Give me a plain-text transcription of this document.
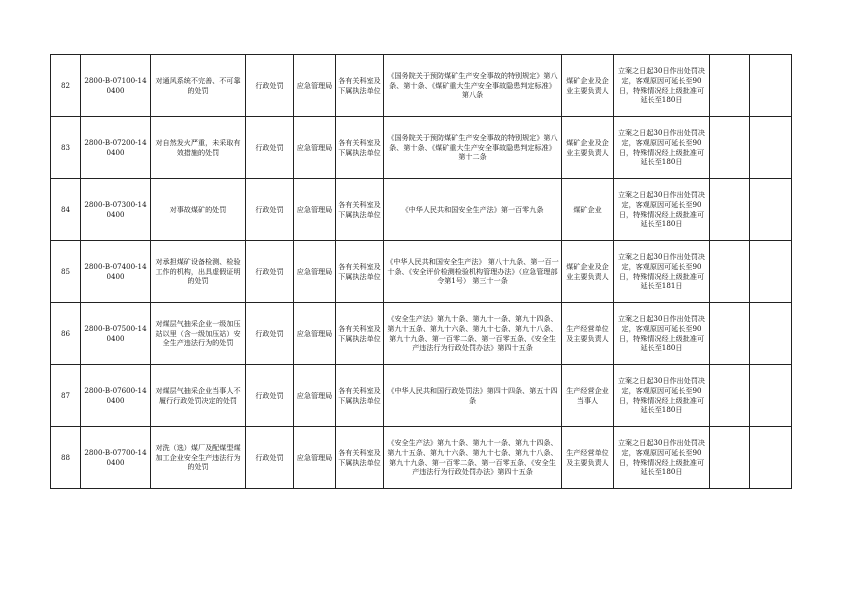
82	2800-B-07100-140400	对通风系统不完善、不可靠的处罚	行政处罚	应急管理局	各有关科室及下属执法单位	《国务院关于预防煤矿生产安全事故的特别规定》第八条、第十条、《煤矿重大生产安全事故隐患判定标准》第八条	煤矿企业及企业主要负责人	立案之日起30日作出处罚决定，客观原因可延长至90日，特殊情况经上级批准可延长至180日		
83	2800-B-07200-140400	对自然发火严重，未采取有效措施的处罚	行政处罚	应急管理局	各有关科室及下属执法单位	《国务院关于预防煤矿生产安全事故的特别规定》第八条、第十条、《煤矿重大生产安全事故隐患判定标准》第十二条	煤矿企业及企业主要负责人	立案之日起30日作出处罚决定，客观原因可延长至90日，特殊情况经上级批准可延长至180日		
84	2800-B-07300-140400	对事故煤矿的处罚	行政处罚	应急管理局	各有关科室及下属执法单位	《中华人民共和国安全生产法》第一百零九条	煤矿企业	立案之日起30日作出处罚决定，客观原因可延长至90日，特殊情况经上级批准可延长至180日		
85	2800-B-07400-140400	对承担煤矿设备检测、检验工作的机构，出具虚假证明的处罚	行政处罚	应急管理局	各有关科室及下属执法单位	《中华人民共和国安全生产法》 第八十九条、第一百一十条、《安全评价检测检验机构管理办法》（应急管理部令第1号） 第三十一条	煤矿企业及企业主要负责人	立案之日起30日作出处罚决定，客观原因可延长至90日，特殊情况经上级批准可延长至181日		
86	2800-B-07500-140400	对煤层气抽采企业一级加压站以里（含一级加压站）安全生产违法行为的处罚	行政处罚	应急管理局	各有关科室及下属执法单位	《安全生产法》第九十条、第九十一条、第九十四条、第九十五条、第九十六条、第九十七条、第九十八条、第九十九条、第一百零二条、第一百零五条、《安全生产违法行为行政处罚办法》第四十五条	生产经营单位及主要负责人	立案之日起30日作出处罚决定，客观原因可延长至90日，特殊情况经上级批准可延长至180日		
87	2800-B-07600-140400	对煤层气抽采企业当事人不履行行政处罚决定的处罚	行政处罚	应急管理局	各有关科室及下属执法单位	《中华人民共和国行政处罚法》第四十四条、第五十四条	生产经营企业当事人	立案之日起30日作出处罚决定，客观原因可延长至90日，特殊情况经上级批准可延长至180日		
88	2800-B-07700-140400	对洗（选）煤厂及配煤型煤加工企业安全生产违法行为的处罚	行政处罚	应急管理局	各有关科室及下属执法单位	《安全生产法》第九十条、第九十一条、第九十四条、第九十五条、第九十六条、第九十七条、第九十八条、第九十九条、第一百零二条、第一百零五条、《安全生产违法行为行政处罚办法》第四十五条	生产经营单位及主要负责人	立案之日起30日作出处罚决定，客观原因可延长至90日，特殊情况经上级批准可延长至180日		
